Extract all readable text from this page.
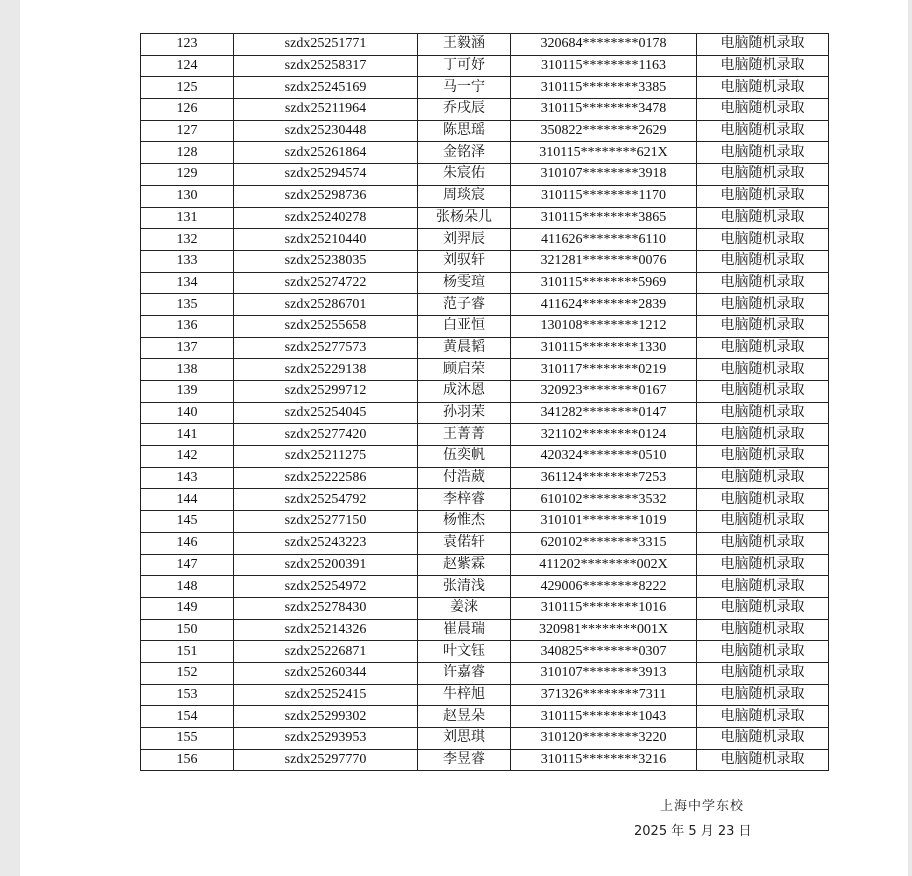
123	szdx25251771	王毅涵	320684********0178	电脑随机录取
124	szdx25258317	丁可妤	310115********1163	电脑随机录取
125	szdx25245169	马一宁	310115********3385	电脑随机录取
126	szdx25211964	乔戌辰	310115********3478	电脑随机录取
127	szdx25230448	陈思瑶	350822********2629	电脑随机录取
128	szdx25261864	金铭泽	310115********621X	电脑随机录取
129	szdx25294574	朱宸佑	310107********3918	电脑随机录取
130	szdx25298736	周琰宸	310115********1170	电脑随机录取
131	szdx25240278	张杨朵儿	310115********3865	电脑随机录取
132	szdx25210440	刘羿辰	411626********6110	电脑随机录取
133	szdx25238035	刘驭轩	321281********0076	电脑随机录取
134	szdx25274722	杨雯瑄	310115********5969	电脑随机录取
135	szdx25286701	范子睿	411624********2839	电脑随机录取
136	szdx25255658	白亚恒	130108********1212	电脑随机录取
137	szdx25277573	黄晨韬	310115********1330	电脑随机录取
138	szdx25229138	顾启荣	310117********0219	电脑随机录取
139	szdx25299712	成沐恩	320923********0167	电脑随机录取
140	szdx25254045	孙羽茉	341282********0147	电脑随机录取
141	szdx25277420	王菁菁	321102********0124	电脑随机录取
142	szdx25211275	伍奕帆	420324********0510	电脑随机录取
143	szdx25222586	付浩葳	361124********7253	电脑随机录取
144	szdx25254792	李梓睿	610102********3532	电脑随机录取
145	szdx25277150	杨惟杰	310101********1019	电脑随机录取
146	szdx25243223	袁偌轩	620102********3315	电脑随机录取
147	szdx25200391	赵紫霖	411202********002X	电脑随机录取
148	szdx25254972	张清浅	429006********8222	电脑随机录取
149	szdx25278430	姜涞	310115********1016	电脑随机录取
150	szdx25214326	崔晨瑞	320981********001X	电脑随机录取
151	szdx25226871	叶文钰	340825********0307	电脑随机录取
152	szdx25260344	许嘉睿	310107********3913	电脑随机录取
153	szdx25252415	牛梓旭	371326********7311	电脑随机录取
154	szdx25299302	赵昱朵	310115********1043	电脑随机录取
155	szdx25293953	刘思琪	310120********3220	电脑随机录取
156	szdx25297770	李昱睿	310115********3216	电脑随机录取
上海中学东校
2025 年 5 月 23 日
